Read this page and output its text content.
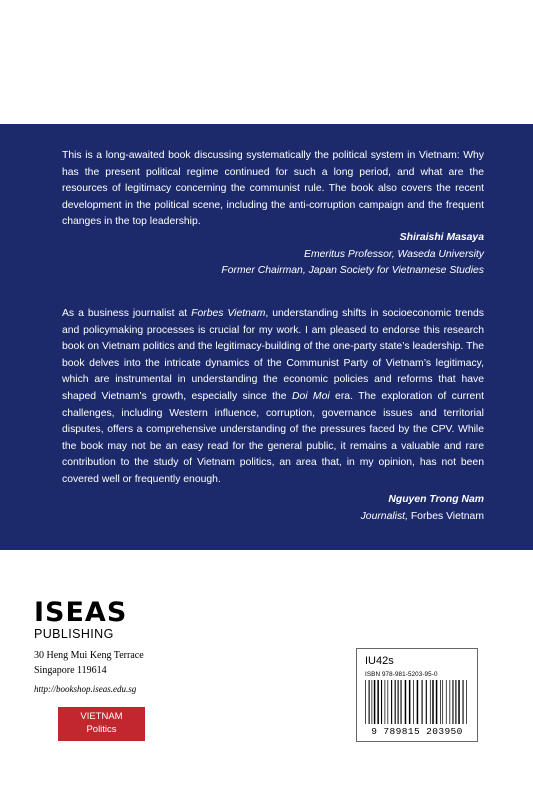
This is a long-awaited book discussing systematically the political system in Vietnam: Why has the present political regime continued for such a long period, and what are the resources of legitimacy concerning the communist rule. The book also covers the recent development in the political scene, including the anti-corruption campaign and the frequent changes in the top leadership.

Shiraishi Masaya
Emeritus Professor, Waseda University
Former Chairman, Japan Society for Vietnamese Studies

As a business journalist at Forbes Vietnam, understanding shifts in socioeconomic trends and policymaking processes is crucial for my work. I am pleased to endorse this research book on Vietnam politics and the legitimacy-building of the one-party state’s leadership. The book delves into the intricate dynamics of the Communist Party of Vietnam’s legitimacy, which are instrumental in understanding the economic policies and reforms that have shaped Vietnam’s growth, especially since the Doi Moi era. The exploration of current challenges, including Western influence, corruption, governance issues and territorial disputes, offers a comprehensive understanding of the pressures faced by the CPV. While the book may not be an easy read for the general public, it remains a valuable and rare contribution to the study of Vietnam politics, an area that, in my opinion, has not been covered well or frequently enough.

Nguyen Trong Nam
Journalist, Forbes Vietnam
ISEAS
PUBLISHING
30 Heng Mui Keng Terrace
Singapore 119614
http://bookshop.iseas.edu.sg
VIETNAM
Politics
IU42s
ISBN 978-981-5203-95-0
9 789815 203950
